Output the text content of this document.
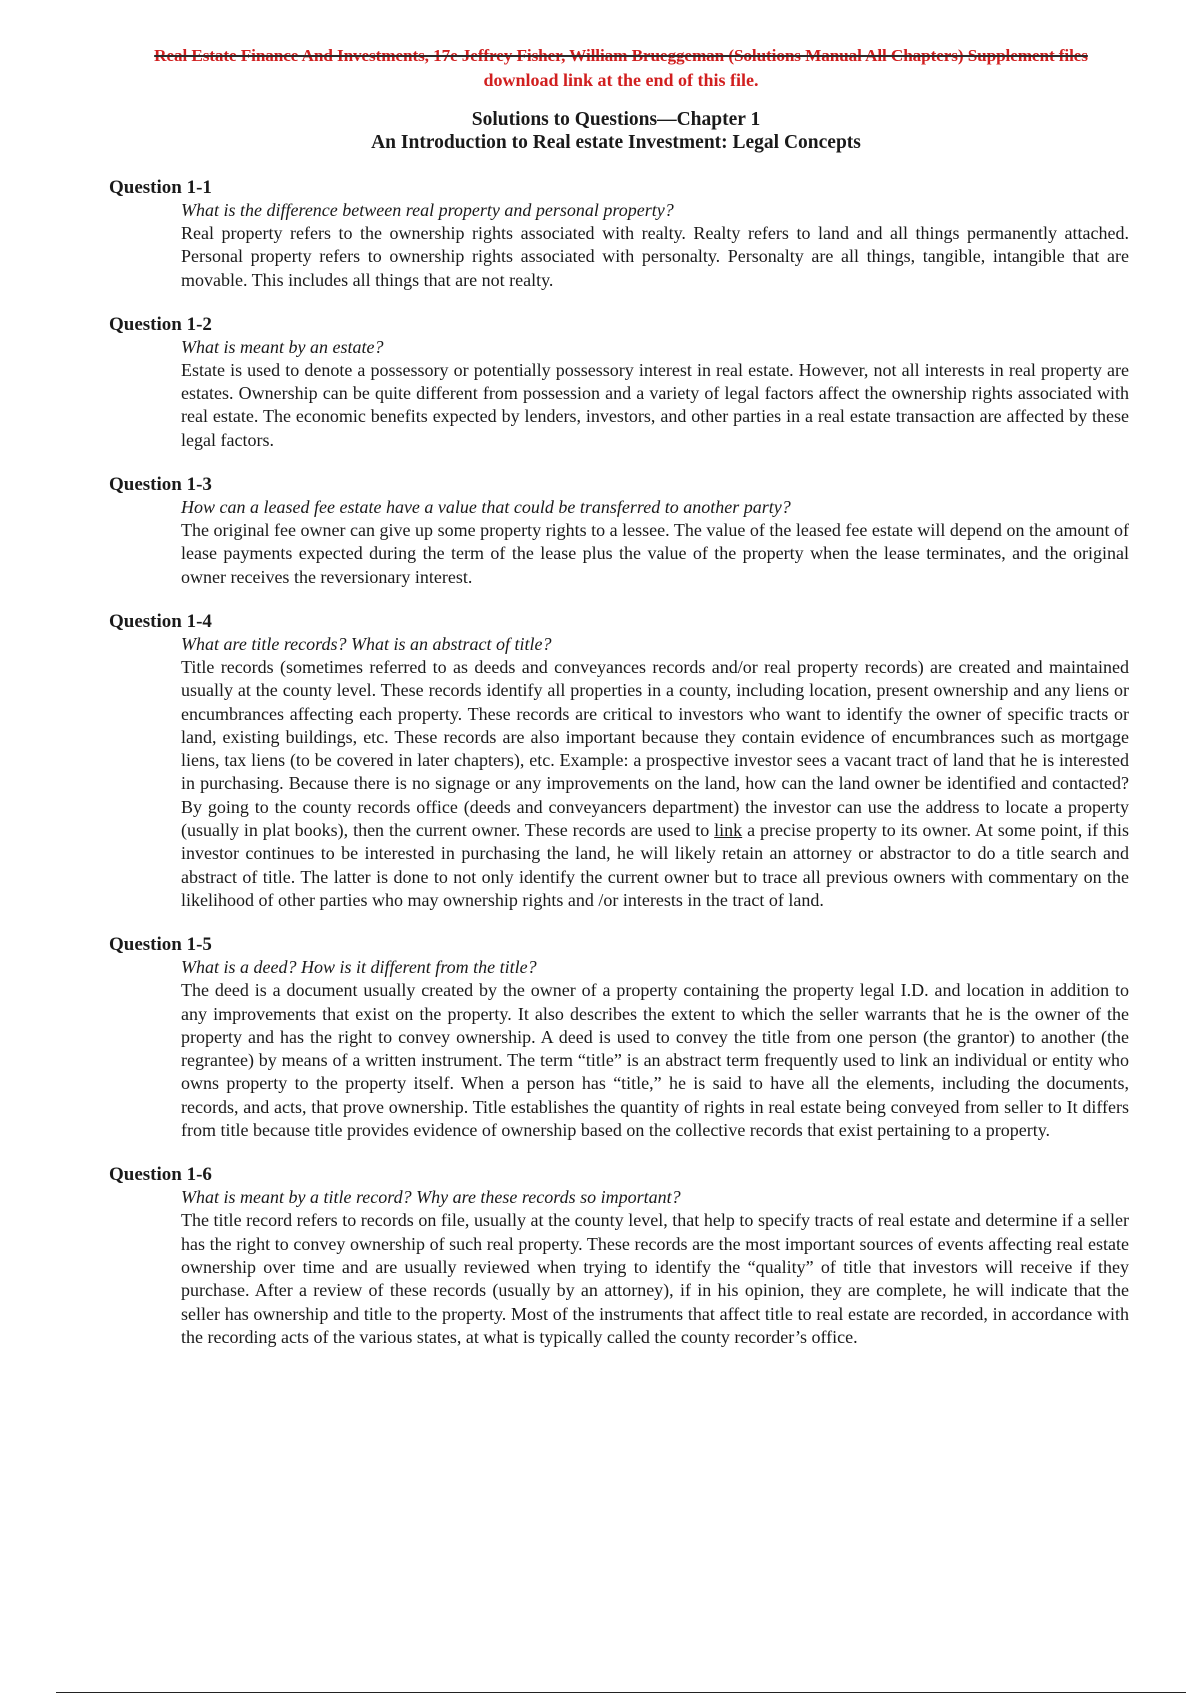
Real Estate Finance And Investments, 17e Jeffrey Fisher, William Brueggeman (Solutions Manual All Chapters) Supplement files
download link at the end of this file.
Solutions to Questions—Chapter 1
An Introduction to Real estate Investment: Legal Concepts

Question 1-1

What is the difference between real property and personal property?

Real property refers to the ownership rights associated with realty. Realty refers to land and all things permanently attached. Personal property refers to ownership rights associated with personalty. Personalty are all things, tangible, intangible that are movable. This includes all things that are not realty.

Question 1-2

What is meant by an estate?

Estate is used to denote a possessory or potentially possessory interest in real estate. However, not all interests in real property are estates. Ownership can be quite different from possession and a variety of legal factors affect the ownership rights associated with real estate. The economic benefits expected by lenders, investors, and other parties in a real estate transaction are affected by these legal factors.

Question 1-3

How can a leased fee estate have a value that could be transferred to another party?

The original fee owner can give up some property rights to a lessee. The value of the leased fee estate will depend on the amount of lease payments expected during the term of the lease plus the value of the property when the lease terminates, and the original owner receives the reversionary interest.

Question 1-4

What are title records? What is an abstract of title?

Title records (sometimes referred to as deeds and conveyances records and/or real property records) are created and maintained usually at the county level. These records identify all properties in a county, including location, present ownership and any liens or encumbrances affecting each property. These records are critical to investors who want to identify the owner of specific tracts or land, existing buildings, etc. These records are also important because they contain evidence of encumbrances such as mortgage liens, tax liens (to be covered in later chapters), etc. Example: a prospective investor sees a vacant tract of land that he is interested in purchasing. Because there is no signage or any improvements on the land, how can the land owner be identified and contacted? By going to the county records office (deeds and conveyancers department) the investor can use the address to locate a property (usually in plat books), then the current owner. These records are used to link a precise property to its owner. At some point, if this investor continues to be interested in purchasing the land, he will likely retain an attorney or abstractor to do a title search and abstract of title. The latter is done to not only identify the current owner but to trace all previous owners with commentary on the likelihood of other parties who may ownership rights and /or interests in the tract of land.

Question 1-5

What is a deed? How is it different from the title?

The deed is a document usually created by the owner of a property containing the property legal I.D. and location in addition to any improvements that exist on the property. It also describes the extent to which the seller warrants that he is the owner of the property and has the right to convey ownership. A deed is used to convey the title from one person (the grantor) to another (the regrantee) by means of a written instrument. The term “title” is an abstract term frequently used to link an individual or entity who owns property to the property itself. When a person has “title,” he is said to have all the elements, including the documents, records, and acts, that prove ownership. Title establishes the quantity of rights in real estate being conveyed from seller to It differs from title because title provides evidence of ownership based on the collective records that exist pertaining to a property.

Question 1-6

What is meant by a title record? Why are these records so important?

The title record refers to records on file, usually at the county level, that help to specify tracts of real estate and determine if a seller has the right to convey ownership of such real property. These records are the most important sources of events affecting real estate ownership over time and are usually reviewed when trying to identify the “quality” of title that investors will receive if they purchase. After a review of these records (usually by an attorney), if in his opinion, they are complete, he will indicate that the seller has ownership and title to the property. Most of the instruments that affect title to real estate are recorded, in accordance with the recording acts of the various states, at what is typically called the county recorder’s office.
